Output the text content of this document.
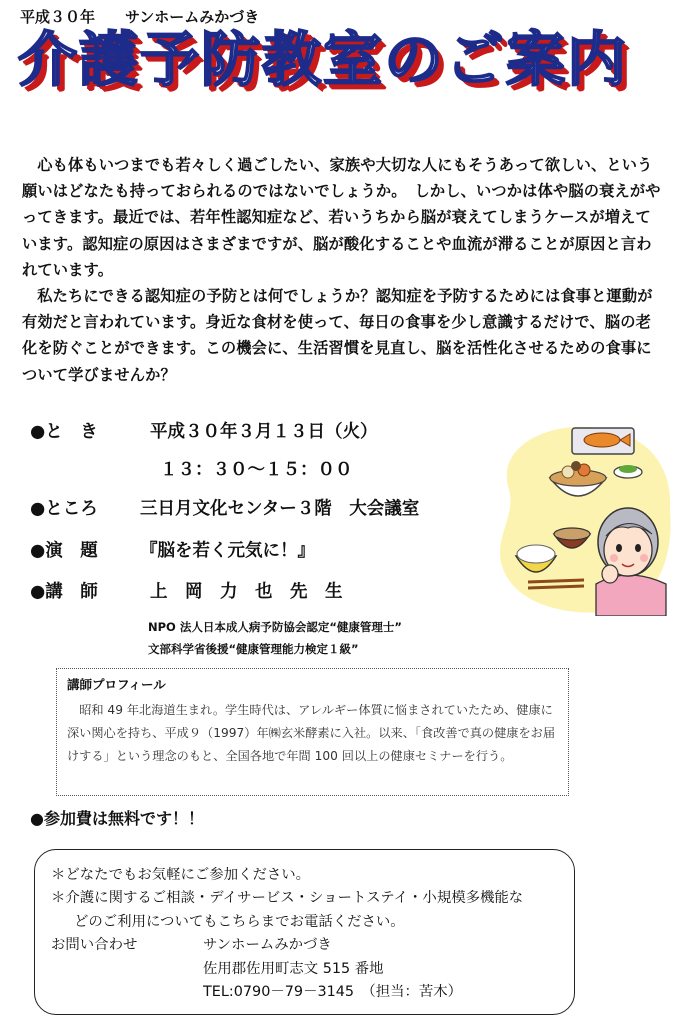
平成３０年　　 サンホームみかづき
介護予防教室のご案内

心も体もいつまでも若々しく過ごしたい、家族や大切な人にもそうあって欲しい、という願いはどなたも持っておられるのではないでしょうか。　しかし、いつかは体や脳の衰えがやってきます。最近では、若年性認知症など、若いうちから脳が衰えてしまうケースが増えています。認知症の原因はさまざまですが、脳が酸化することや血流が滞ることが原因と言われています。

私たちにできる認知症の予防とは何でしょうか？認知症を予防するためには食事と運動が有効だと言われています。身近な食材を使って、毎日の食事を少し意識するだけで、脳の老化を防ぐことができます。この機会に、生活習慣を見直し、脳を活性化させるための食事について学びませんか？

●と　き	平成３０年３月１３日（火）
１３：３０～１５：００
●ところ 三日月文化センター３階　大会議室
●演　題 『脳を若く元気に！』
●講　師	上　岡　力　也　先　生
NPO 法人日本成人病予防協会認定“健康管理士”
文部科学省後援“健康管理能力検定１級”
講師プロフィール
昭和 49 年北海道生まれ。学生時代は、アレルギー体質に悩まされていたため、健康に深い関心を持ち、平成９（1997）年㈱玄米酵素に入社。以来、「食改善で真の健康をお届けする」という理念のもと、全国各地で年間 100 回以上の健康セミナーを行う。
●参加費は無料です！！
＊どなたでもお気軽にご参加ください。
＊介護に関するご相談・デイサービス・ショートステイ・小規模多機能な
どのご利用についてもこちらまでお電話ください。
お問い合わせ	サンホームみかづき
佐用郡佐用町志文 515 番地
TEL:0790－79－3145　 （担当：苦木）
